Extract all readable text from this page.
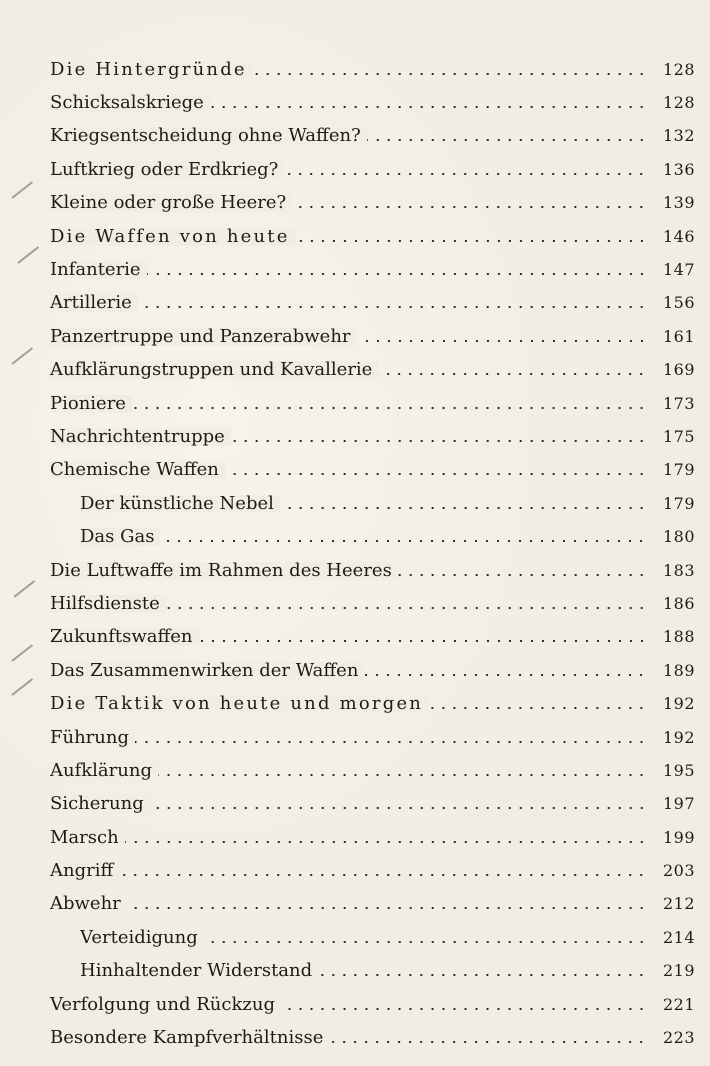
Die Hintergründe	128
Schicksalskriege	128
Kriegsentscheidung ohne Waffen?	132
Luftkrieg oder Erdkrieg?	136
Kleine oder große Heere?	139
Die Waffen von heute	146
Infanterie	147
Artillerie	156
Panzertruppe und Panzerabwehr	161
Aufklärungstruppen und Kavallerie	169
Pioniere	173
Nachrichtentruppe	175
Chemische Waffen	179
Der künstliche Nebel	179
Das Gas	180
Die Luftwaffe im Rahmen des Heeres	183
Hilfsdienste	186
Zukunftswaffen	188
Das Zusammenwirken der Waffen	189
Die Taktik von heute und morgen	192
Führung	192
Aufklärung	195
Sicherung	197
Marsch	199
Angriff	203
Abwehr	212
Verteidigung	214
Hinhaltender Widerstand	219
Verfolgung und Rückzug	221
Besondere Kampfverhältnisse	223
